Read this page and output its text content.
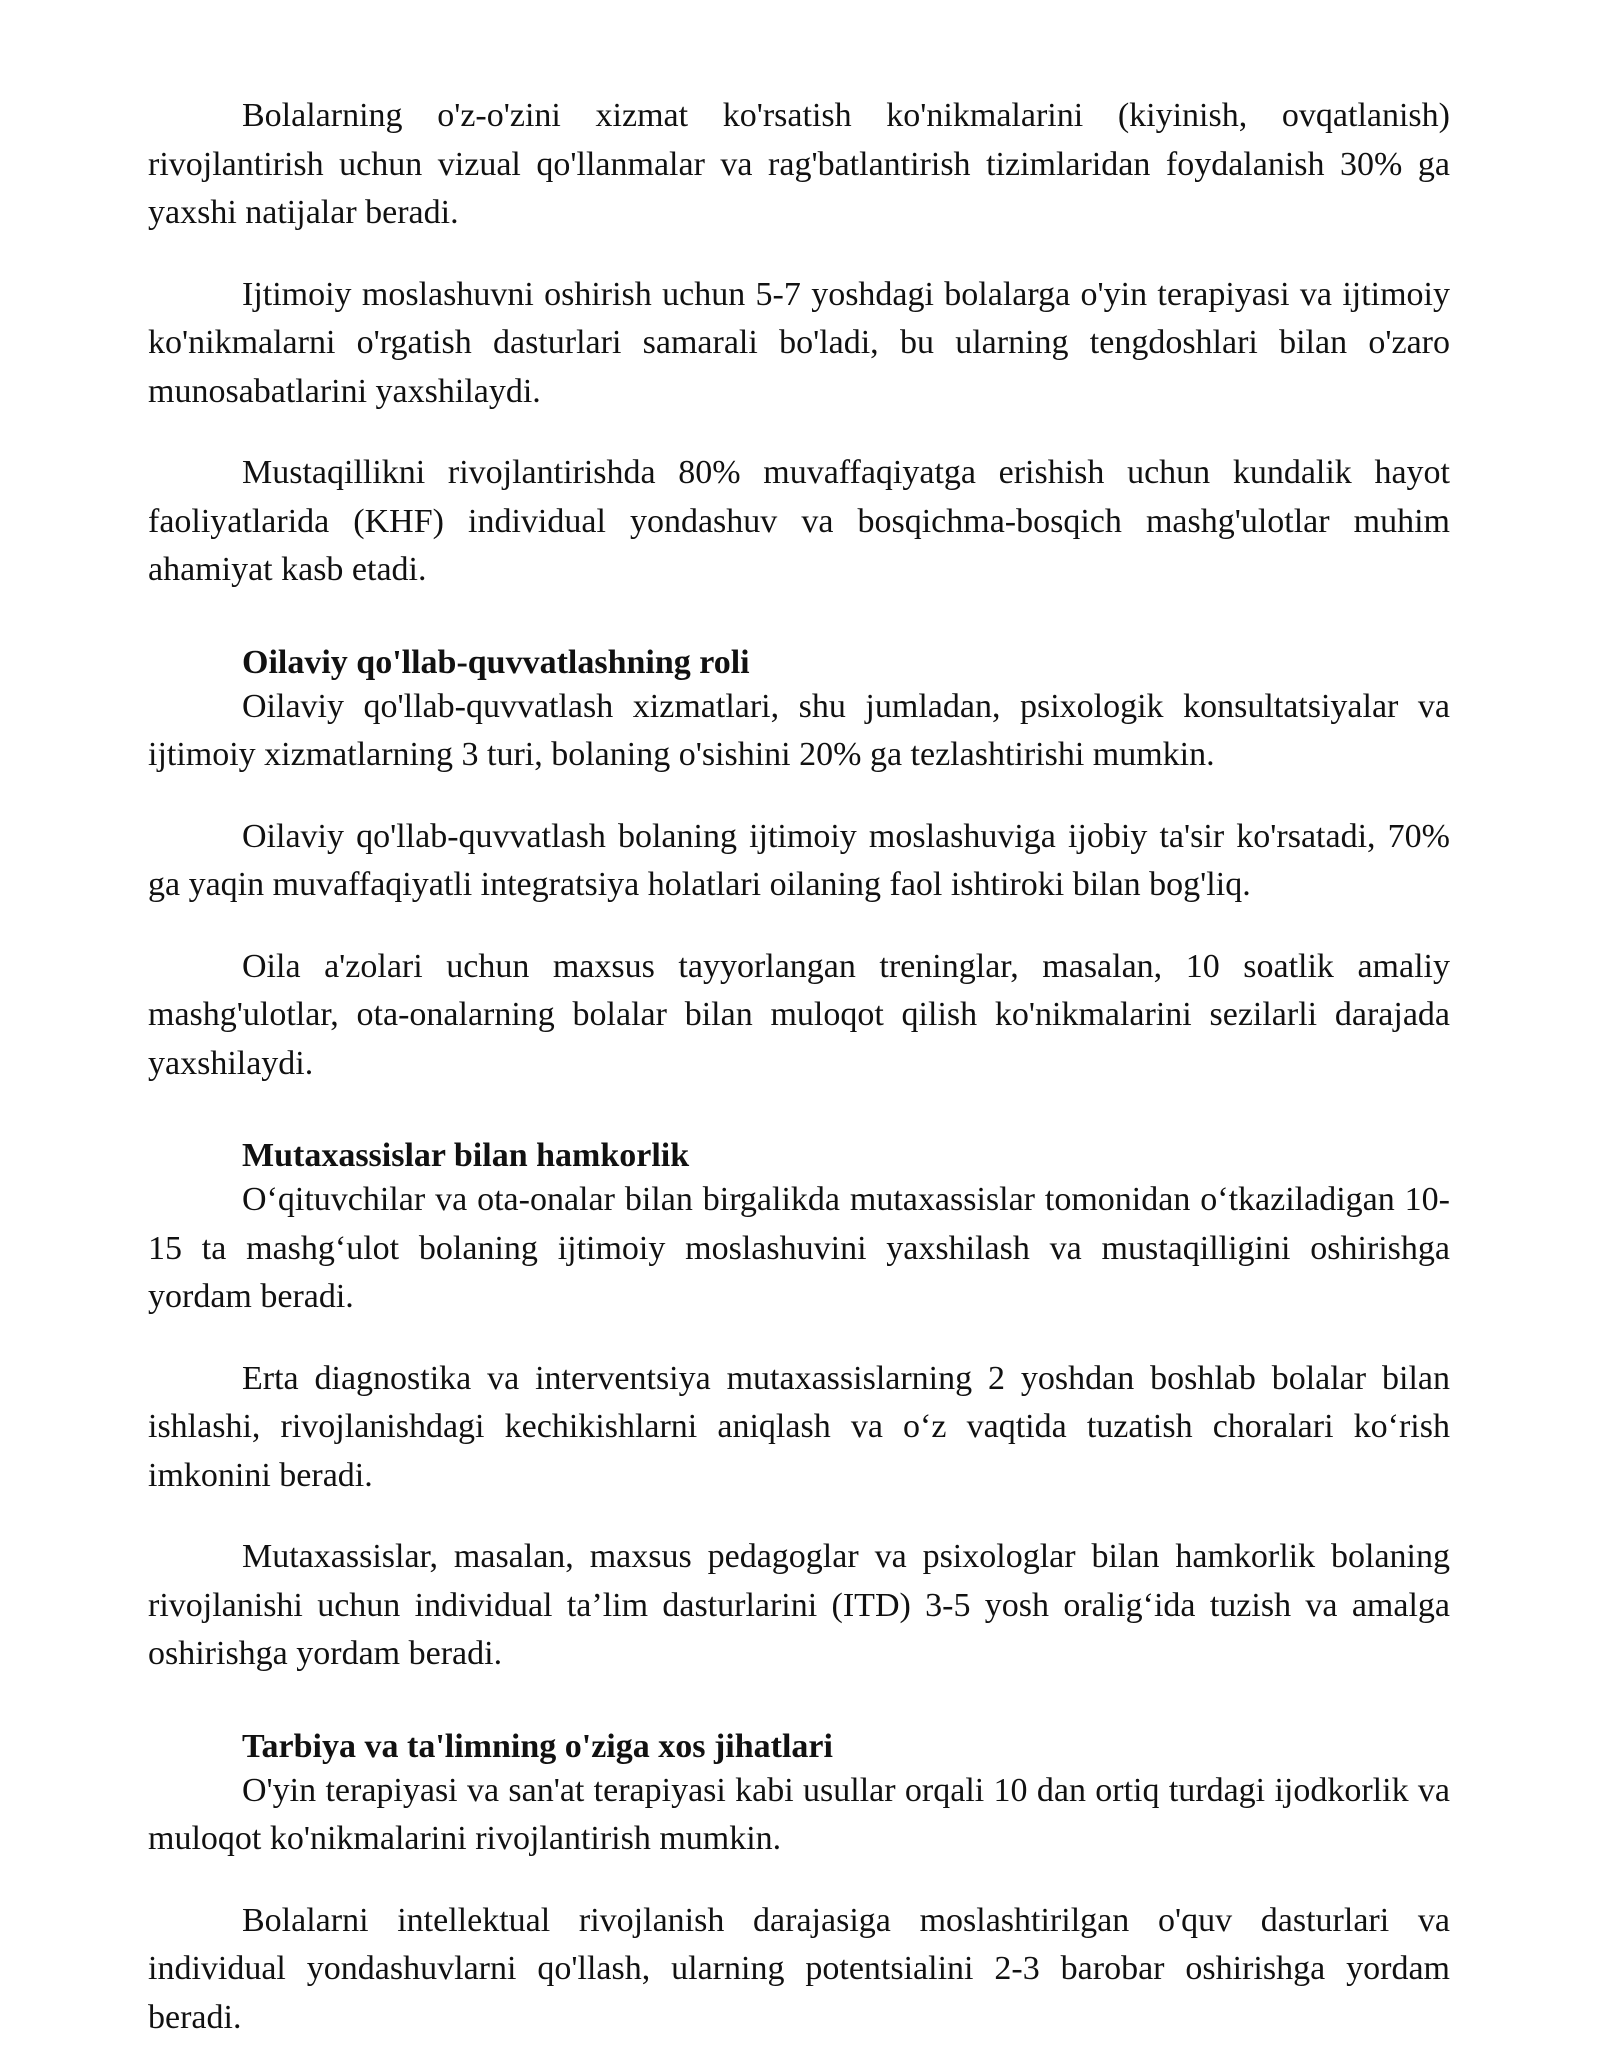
Bolalarning o'z-o'zini xizmat ko'rsatish ko'nikmalarini (kiyinish, ovqatlanish) rivojlantirish uchun vizual qo'llanmalar va rag'batlantirish tizimlaridan foydalanish 30% ga yaxshi natijalar beradi.

Ijtimoiy moslashuvni oshirish uchun 5-7 yoshdagi bolalarga o'yin terapiyasi va ijtimoiy ko'nikmalarni o'rgatish dasturlari samarali bo'ladi, bu ularning tengdoshlari bilan o'zaro munosabatlarini yaxshilaydi.

Mustaqillikni rivojlantirishda 80% muvaffaqiyatga erishish uchun kundalik hayot faoliyatlarida (KHF) individual yondashuv va bosqichma-bosqich mashg'ulotlar muhim ahamiyat kasb etadi.

Oilaviy qo'llab-quvvatlashning roli

Oilaviy qo'llab-quvvatlash xizmatlari, shu jumladan, psixologik konsultatsiyalar va ijtimoiy xizmatlarning 3 turi, bolaning o'sishini 20% ga tezlashtirishi mumkin.

Oilaviy qo'llab-quvvatlash bolaning ijtimoiy moslashuviga ijobiy ta'sir ko'rsatadi, 70% ga yaqin muvaffaqiyatli integratsiya holatlari oilaning faol ishtiroki bilan bog'liq.

Oila a'zolari uchun maxsus tayyorlangan treninglar, masalan, 10 soatlik amaliy mashg'ulotlar, ota-onalarning bolalar bilan muloqot qilish ko'nikmalarini sezilarli darajada yaxshilaydi.

Mutaxassislar bilan hamkorlik

O‘qituvchilar va ota-onalar bilan birgalikda mutaxassislar tomonidan o‘tkaziladigan 10-15 ta mashg‘ulot bolaning ijtimoiy moslashuvini yaxshilash va mustaqilligini oshirishga yordam beradi.

Erta diagnostika va interventsiya mutaxassislarning 2 yoshdan boshlab bolalar bilan ishlashi, rivojlanishdagi kechikishlarni aniqlash va o‘z vaqtida tuzatish choralari ko‘rish imkonini beradi.

Mutaxassislar, masalan, maxsus pedagoglar va psixologlar bilan hamkorlik bolaning rivojlanishi uchun individual ta’lim dasturlarini (ITD) 3-5 yosh oralig‘ida tuzish va amalga oshirishga yordam beradi.

Tarbiya va ta'limning o'ziga xos jihatlari

O'yin terapiyasi va san'at terapiyasi kabi usullar orqali 10 dan ortiq turdagi ijodkorlik va muloqot ko'nikmalarini rivojlantirish mumkin.

Bolalarni intellektual rivojlanish darajasiga moslashtirilgan o'quv dasturlari va individual yondashuvlarni qo'llash, ularning potentsialini 2-3 barobar oshirishga yordam beradi.
